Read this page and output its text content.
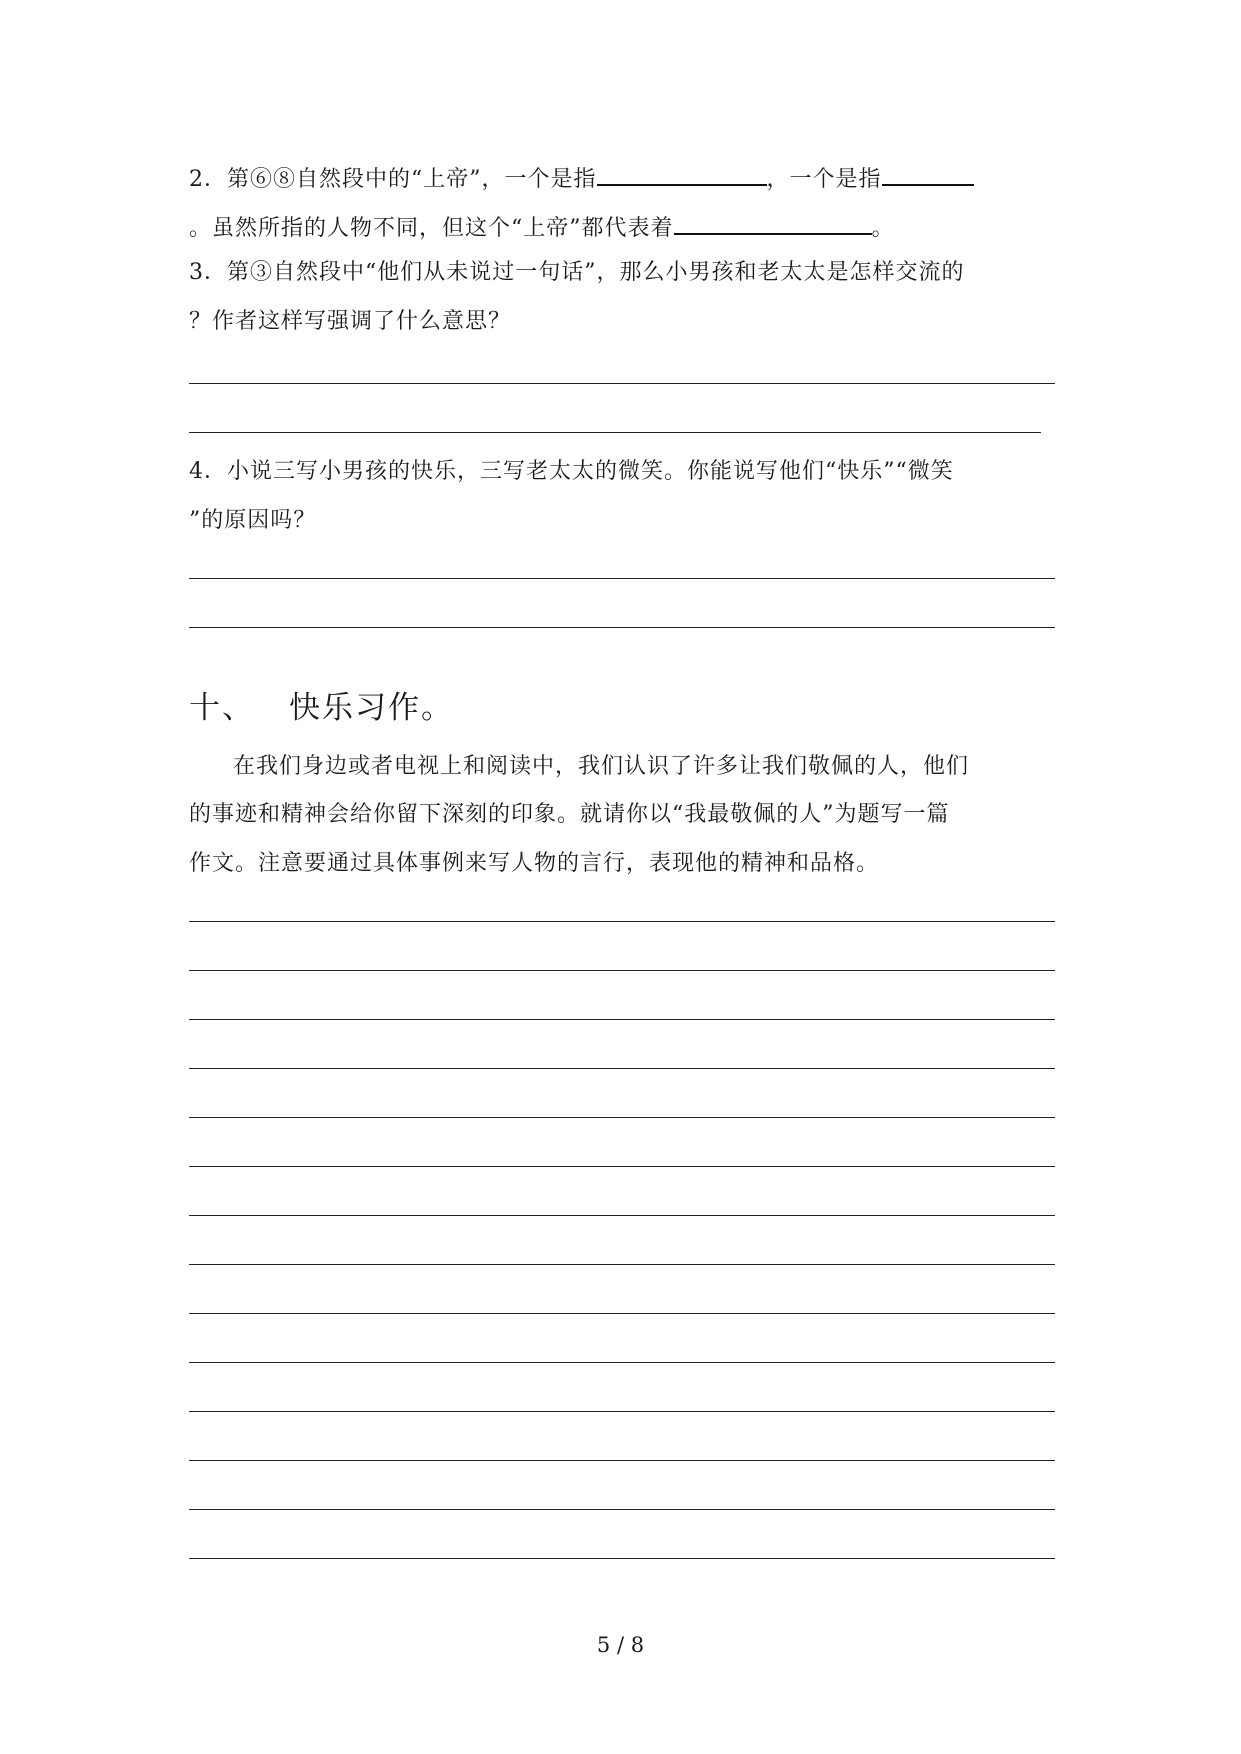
2．第⑥⑧自然段中的“上帝”，一个是指	，一个是指
。虽然所指的人物不同，但这个“上帝”都代表着	。
3．第③自然段中“他们从未说过一句话”，那么小男孩和老太太是怎样交流的
？作者这样写强调了什么意思？
4．小说三写小男孩的快乐，三写老太太的微笑。你能说写他们“快乐”“微笑
”的原因吗？
十、 快乐习作。
在我们身边或者电视上和阅读中，我们认识了许多让我们敬佩的人，他们
的事迹和精神会给你留下深刻的印象。就请你以“我最敬佩的人”为题写一篇
作文。注意要通过具体事例来写人物的言行，表现他的精神和品格。
5 / 8
